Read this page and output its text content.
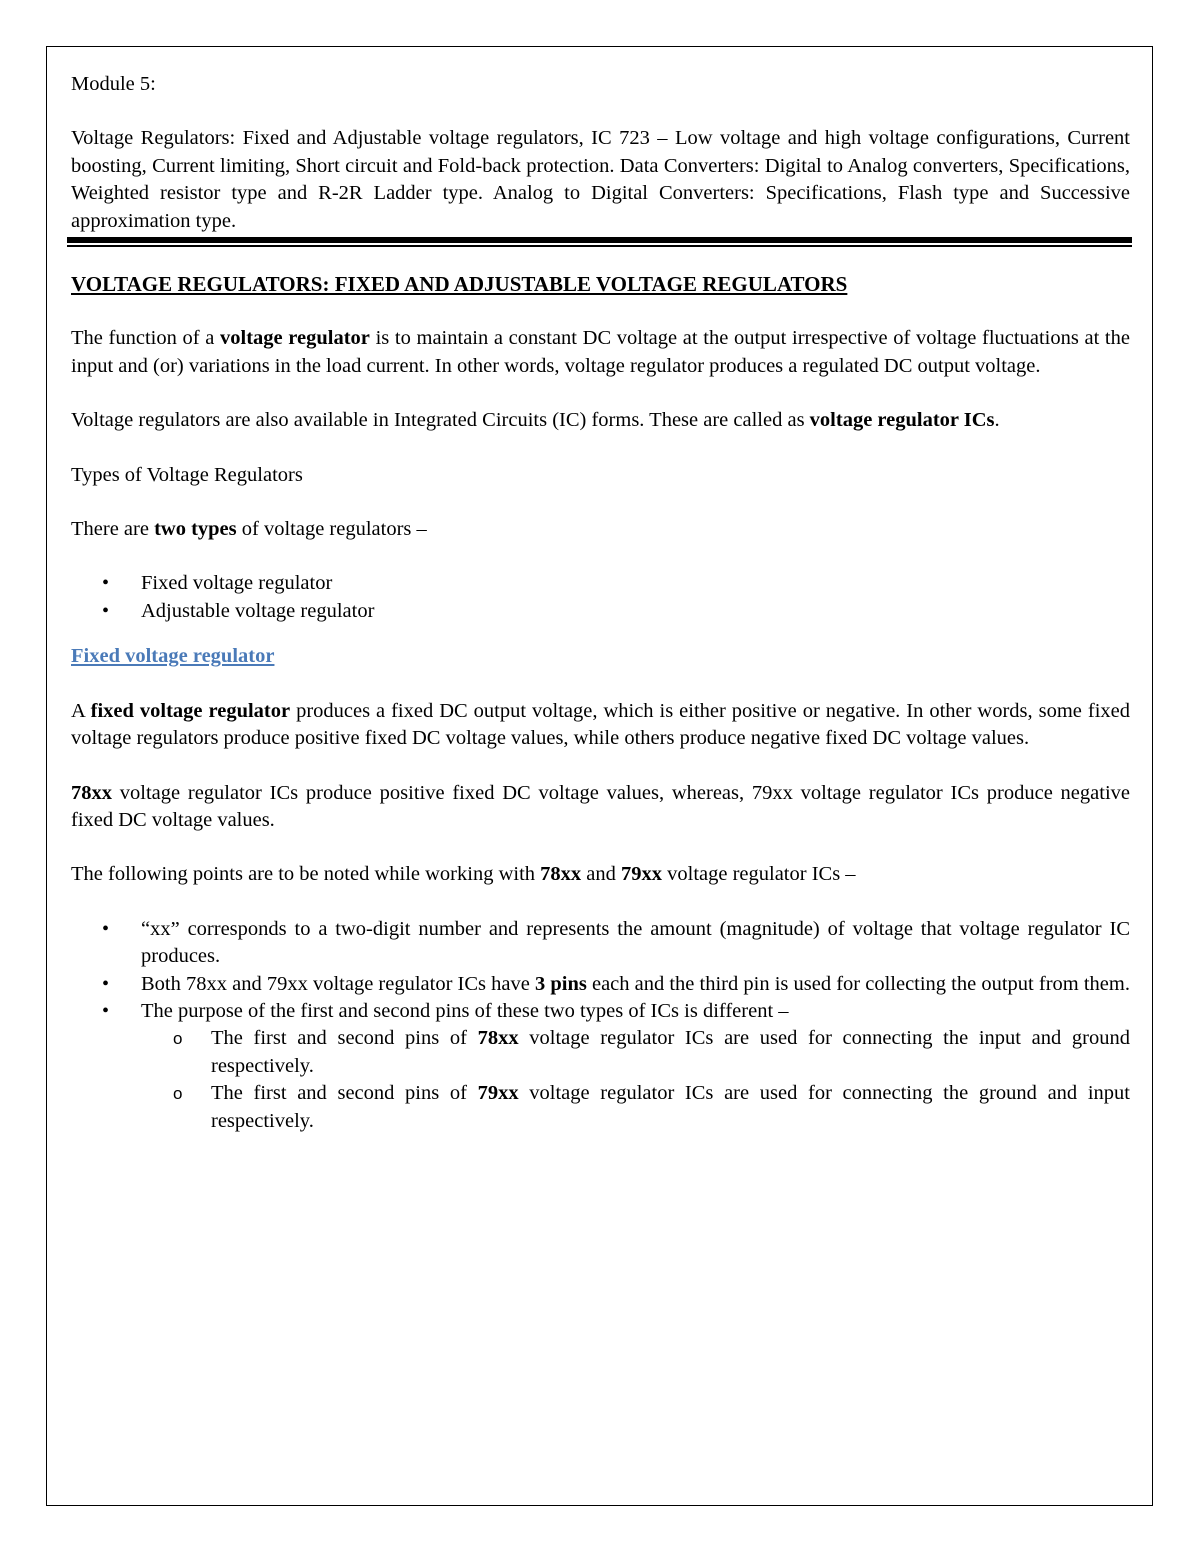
Module 5:

Voltage Regulators: Fixed and Adjustable voltage regulators, IC 723 – Low voltage and high voltage configurations, Current boosting, Current limiting, Short circuit and Fold-back protection. Data Converters: Digital to Analog converters, Specifications, Weighted resistor type and R-2R Ladder type. Analog to Digital Converters: Specifications, Flash type and Successive approximation type.

VOLTAGE REGULATORS: FIXED AND ADJUSTABLE VOLTAGE REGULATORS

The function of a voltage regulator is to maintain a constant DC voltage at the output irrespective of voltage fluctuations at the input and (or) variations in the load current. In other words, voltage regulator produces a regulated DC output voltage.

Voltage regulators are also available in Integrated Circuits (IC) forms. These are called as voltage regulator ICs.

Types of Voltage Regulators

There are two types of voltage regulators –

• Fixed voltage regulator
• Adjustable voltage regulator

Fixed voltage regulator

A fixed voltage regulator produces a fixed DC output voltage, which is either positive or negative. In other words, some fixed voltage regulators produce positive fixed DC voltage values, while others produce negative fixed DC voltage values.

78xx voltage regulator ICs produce positive fixed DC voltage values, whereas, 79xx voltage regulator ICs produce negative fixed DC voltage values.

The following points are to be noted while working with 78xx and 79xx voltage regulator ICs –

• “xx” corresponds to a two-digit number and represents the amount (magnitude) of voltage that voltage regulator IC produces.
• Both 78xx and 79xx voltage regulator ICs have 3 pins each and the third pin is used for collecting the output from them.
• The purpose of the first and second pins of these two types of ICs is different –
o The first and second pins of 78xx voltage regulator ICs are used for connecting the input and ground respectively.
o The first and second pins of 79xx voltage regulator ICs are used for connecting the ground and input respectively.
